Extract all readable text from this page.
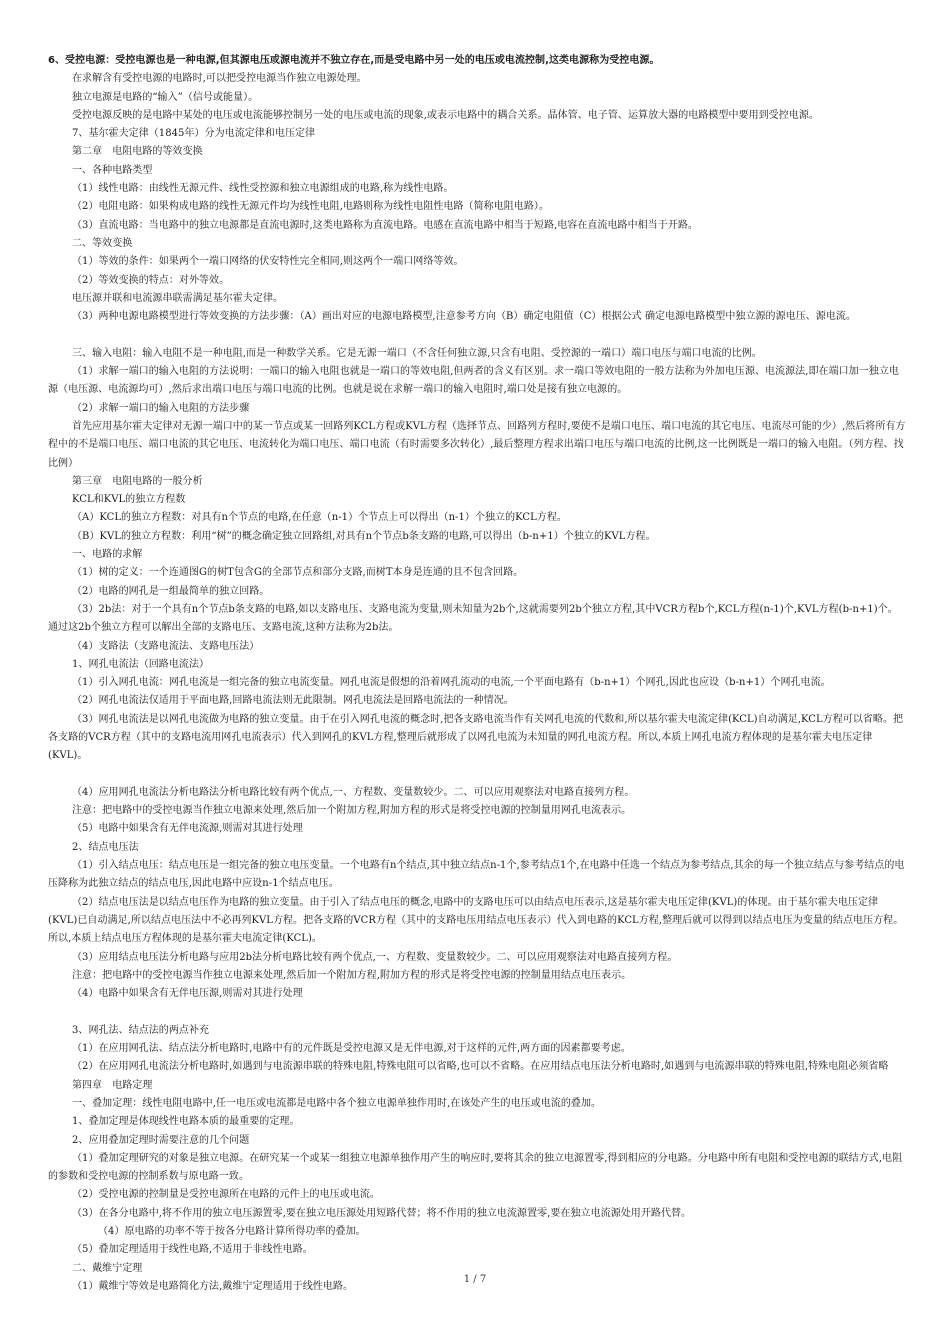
6、受控电源：受控电源也是一种电源,但其源电压或源电流并不独立存在,而是受电路中另一处的电压或电流控制,这类电源称为受控电源。
在求解含有受控电源的电路时,可以把受控电源当作独立电源处理。
独立电源是电路的“输入”（信号或能量）。
受控电源反映的是电路中某处的电压或电流能够控制另一处的电压或电流的现象,或表示电路中的耦合关系。晶体管、电子管、运算放大器的电路模型中要用到受控电源。
7、基尔霍夫定律（1845年）分为电流定律和电压定律
第二章　电阻电路的等效变换
一、各种电路类型
（1）线性电路：由线性无源元件、线性受控源和独立电源组成的电路,称为线性电路。
（2）电阻电路：如果构成电路的线性无源元件均为线性电阻,电路则称为线性电阻性电路（简称电阻电路）。
（3）直流电路：当电路中的独立电源都是直流电源时,这类电路称为直流电路。电感在直流电路中相当于短路,电容在直流电路中相当于开路。
二、等效变换
（1）等效的条件：如果两个一端口网络的伏安特性完全相同,则这两个一端口网络等效。
（2）等效变换的特点：对外等效。
电压源并联和电流源串联需满足基尔霍夫定律。
（3）两种电源电路模型进行等效变换的方法步骤：（A）画出对应的电源电路模型,注意参考方向（B）确定电阻值（C）根据公式 确定电源电路模型中独立源的源电压、源电流。
三、输入电阻：输入电阻不是一种电阻,而是一种数学关系。它是无源一端口（不含任何独立源,只含有电阻、受控源的一端口）端口电压与端口电流的比例。
（1）求解一端口的输入电阻的方法说明：一端口的输入电阻也就是一端口的等效电阻,但两者的含义有区别。求一端口等效电阻的一般方法称为外加电压源、电流源法,即在端口加一独立电源（电压源、电流源均可）,然后求出端口电压与端口电流的比例。也就是说在求解一端口的输入电阻时,端口处是接有独立电源的。
（2）求解一端口的输入电阻的方法步骤
首先应用基尔霍夫定律对无源一端口中的某一节点或某一回路列KCL方程或KVL方程（选择节点、回路列方程时,要使不是端口电压、端口电流的其它电压、电流尽可能的少）,然后将所有方程中的不是端口电压、端口电流的其它电压、电流转化为端口电压、端口电流（有时需要多次转化）,最后整理方程求出端口电压与端口电流的比例,这一比例既是一端口的输入电阻。（列方程、找比例）
第三章　电阻电路的一般分析
KCL和KVL的独立方程数
（A）KCL的独立方程数：对具有n个节点的电路,在任意（n-1）个节点上可以得出（n-1）个独立的KCL方程。
（B）KVL的独立方程数：利用“树”的概念确定独立回路组,对具有n个节点b条支路的电路,可以得出（b-n+1）个独立的KVL方程。
一、电路的求解
（1）树的定义：一个连通图G的树T包含G的全部节点和部分支路,而树T本身是连通的且不包含回路。
（2）电路的网孔是一组最简单的独立回路。
（3）2b法：对于一个具有n个节点b条支路的电路,如以支路电压、支路电流为变量,则未知量为2b个,这就需要列2b个独立方程,其中VCR方程b个,KCL方程(n-1)个,KVL方程(b-n+1)个。通过这2b个独立方程可以解出全部的支路电压、支路电流,这种方法称为2b法。
（4）支路法（支路电流法、支路电压法）
1、网孔电流法（回路电流法）
（1）引入网孔电流：网孔电流是一组完备的独立电流变量。网孔电流是假想的沿着网孔流动的电流,一个平面电路有（b-n+1）个网孔,因此也应设（b-n+1）个网孔电流。
（2）网孔电流法仅适用于平面电路,回路电流法则无此限制。网孔电流法是回路电流法的一种情况。
（3）网孔电流法是以网孔电流做为电路的独立变量。由于在引入网孔电流的概念时,把各支路电流当作有关网孔电流的代数和,所以基尔霍夫电流定律(KCL)自动满足,KCL方程可以省略。把各支路的VCR方程（其中的支路电流用网孔电流表示）代入到网孔的KVL方程,整理后就形成了以网孔电流为未知量的网孔电流方程。所以,本质上网孔电流方程体现的是基尔霍夫电压定律(KVL)。
（4）应用网孔电流法分析电路法分析电路比较有两个优点,一、方程数、变量数较少。二、可以应用观察法对电路直接列方程。
注意：把电路中的受控电源当作独立电源来处理,然后加一个附加方程,附加方程的形式是将受控电源的控制量用网孔电流表示。
（5）电路中如果含有无伴电流源,则需对其进行处理
2、结点电压法
（1）引入结点电压：结点电压是一组完备的独立电压变量。一个电路有n个结点,其中独立结点n-1个,参考结点1个,在电路中任选一个结点为参考结点,其余的每一个独立结点与参考结点的电压降称为此独立结点的结点电压,因此电路中应设n-1个结点电压。
（2）结点电压法是以结点电压作为电路的独立变量。由于引入了结点电压的概念,电路中的支路电压可以由结点电压表示,这是基尔霍夫电压定律(KVL)的体现。由于基尔霍夫电压定律(KVL)已自动满足,所以结点电压法中不必再列KVL方程。把各支路的VCR方程（其中的支路电压用结点电压表示）代入到电路的KCL方程,整理后就可以得到以结点电压为变量的结点电压方程。所以,本质上结点电压方程体现的是基尔霍夫电流定律(KCL)。
（3）应用结点电压法分析电路与应用2b法分析电路比较有两个优点,一、方程数、变量数较少。二、可以应用观察法对电路直接列方程。
注意：把电路中的受控电源当作独立电源来处理,然后加一个附加方程,附加方程的形式是将受控电源的控制量用结点电压表示。
（4）电路中如果含有无伴电压源,则需对其进行处理
3、网孔法、结点法的两点补充
（1）在应用网孔法、结点法分析电路时,电路中有的元件既是受控电源又是无伴电源,对于这样的元件,两方面的因素都要考虑。
（2）在应用网孔电流法分析电路时,如遇到与电流源串联的特殊电阻,特殊电阻可以省略,也可以不省略。在应用结点电压法分析电路时,如遇到与电流源串联的特殊电阻,特殊电阻必须省略
第四章　电路定理
一、叠加定理：线性电阻电路中,任一电压或电流都是电路中各个独立电源单独作用时,在该处产生的电压或电流的叠加。
1、叠加定理是体现线性电路本质的最重要的定理。
2、应用叠加定理时需要注意的几个问题
（1）叠加定理研究的对象是独立电源。在研究某一个或某一组独立电源单独作用产生的响应时,要将其余的独立电源置零,得到相应的分电路。分电路中所有电阻和受控电源的联结方式,电阻的参数和受控电源的控制系数与原电路一致。
（2）受控电源的控制量是受控电源所在电路的元件上的电压或电流。
（3）在各分电路中,将不作用的独立电压源置零,要在独立电压源处用短路代替；将不作用的独立电流源置零,要在独立电流源处用开路代替。
（4）原电路的功率不等于按各分电路计算所得功率的叠加。
（5）叠加定理适用于线性电路,不适用于非线性电路。
二、戴维宁定理
（1）戴维宁等效是电路简化方法,戴维宁定理适用于线性电路。
1 / 7
